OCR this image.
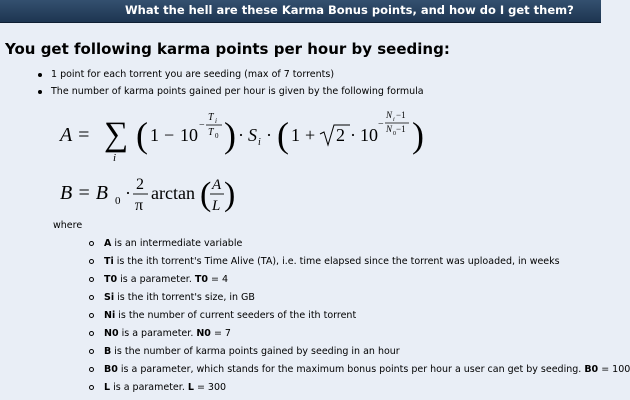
What the hell are these Karma Bonus points, and how do I get them?
You get following karma points per hour by seeding:
1 point for each torrent you are seeding (max of 7 torrents)
The number of karma points gained per hour is given by the following formula
A = ∑
i
( 1 − 10 −
T i
T 0 ) · S i · ( 1 + 2 · 10
−
N i −1
N 0 −1 )
B = B 0 · 2
π
arctan ( A
L )
where
A is an intermediate variable
Ti is the ith torrent's Time Alive (TA), i.e. time elapsed since the torrent was uploaded, in weeks
T0 is a parameter. T0 = 4
Si is the ith torrent's size, in GB
Ni is the number of current seeders of the ith torrent
N0 is a parameter. N0 = 7
B is the number of karma points gained by seeding in an hour
B0 is a parameter, which stands for the maximum bonus points per hour a user can get by seeding. B0 = 100
L is a parameter. L = 300
